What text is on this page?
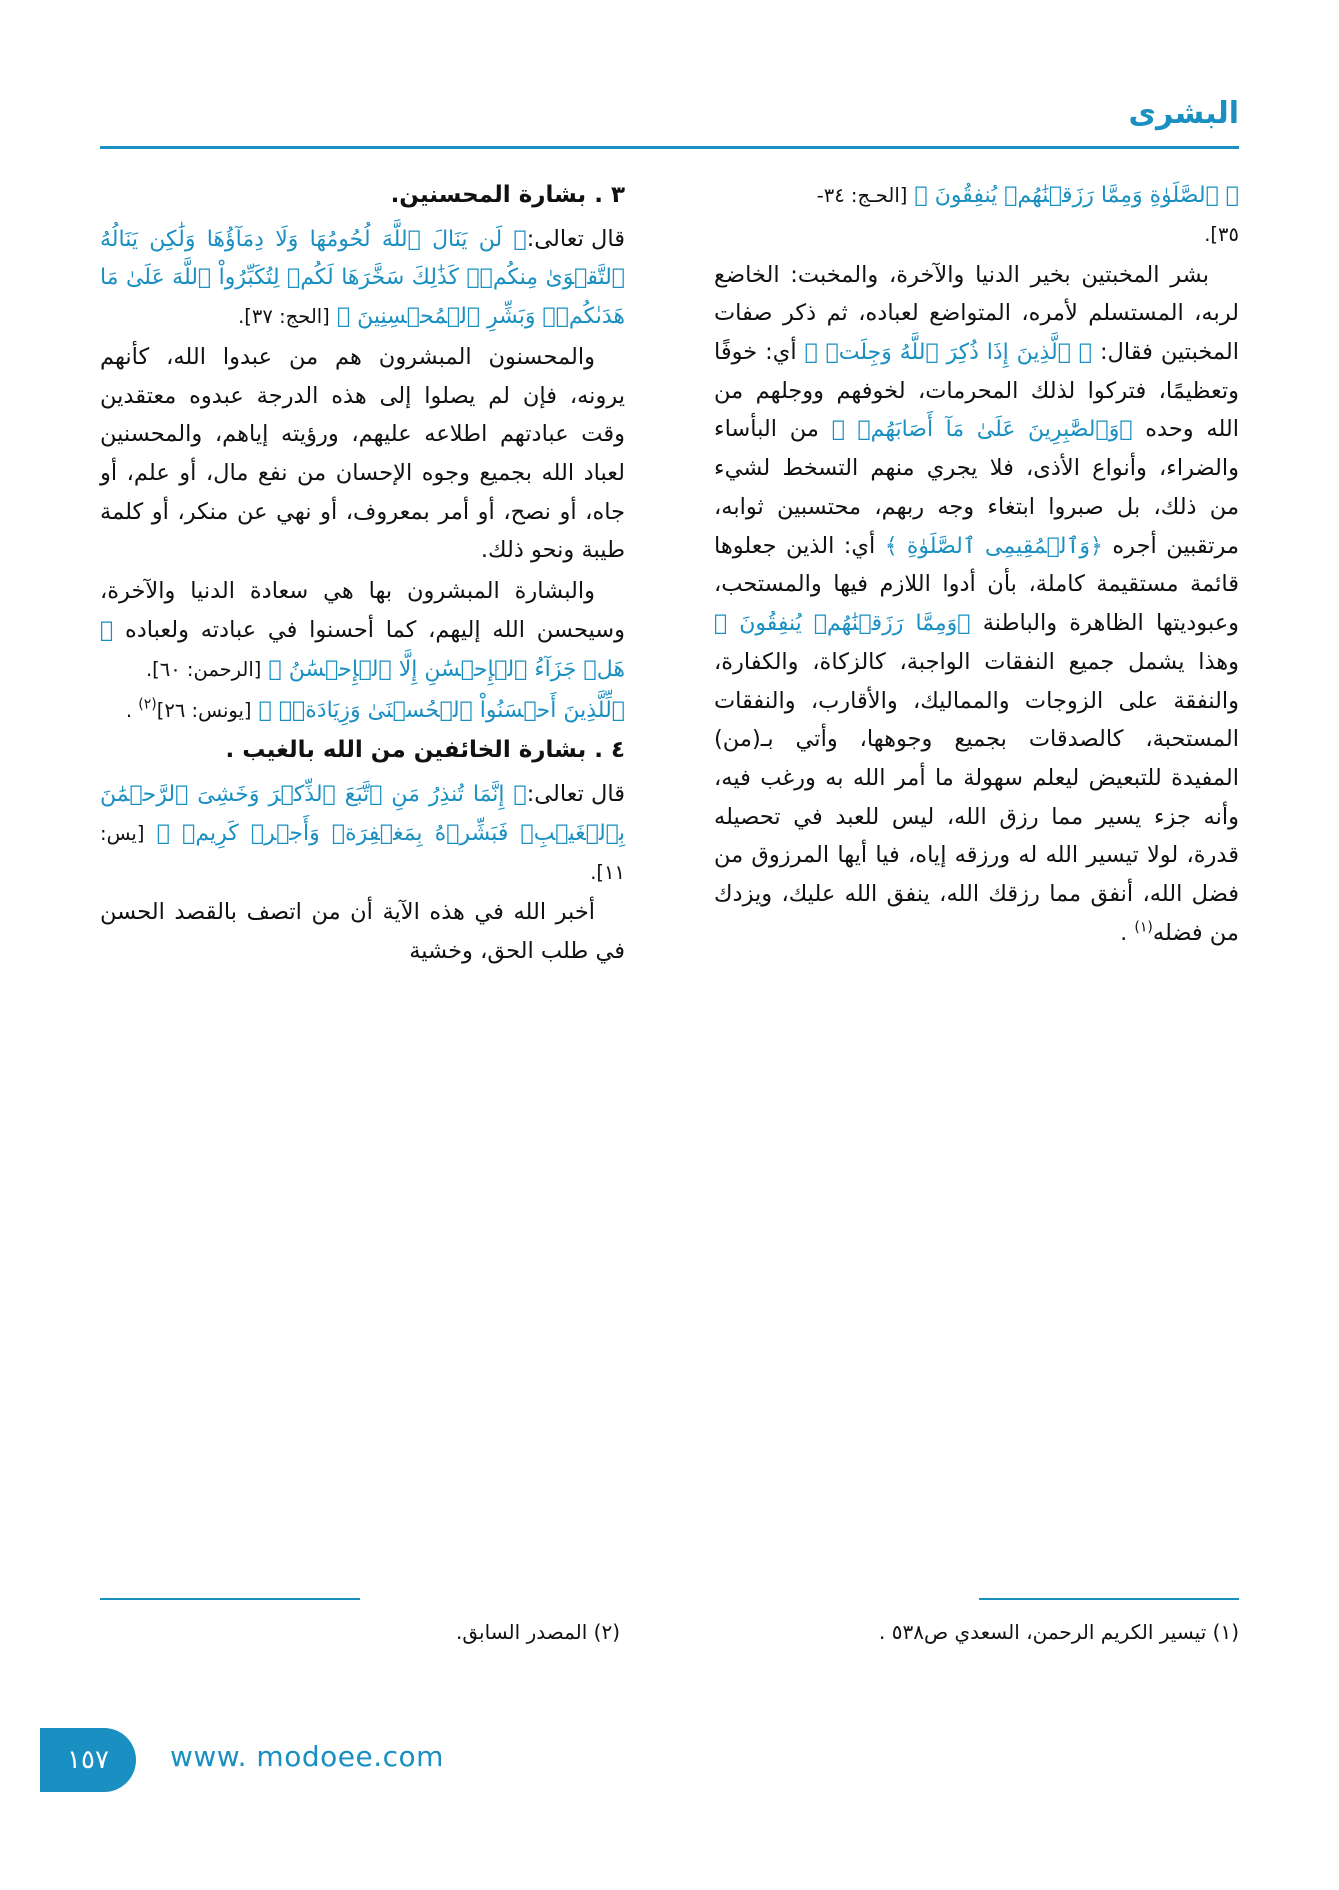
البشرى

﴾ ٱلصَّلَوٰةِ وَمِمَّا رَزَقۡنَٰهُمۡ يُنفِقُونَ ﴿ [الحـج: ٣٤-
٣٥].

بشر المخبتين بخير الدنيا والآخرة، والمخبت: الخاضع لربه، المستسلم لأمره، المتواضع لعباده، ثم ذكر صفات المخبتين فقال: ﴿ ٱلَّذِينَ إِذَا ذُكِرَ ٱللَّهُ وَجِلَتۡ ﴾ أي: خوفًا وتعظيمًا، فتركوا لذلك المحرمات، لخوفهم ووجلهم من الله وحده ﴿وَٱلصَّٰبِرِينَ عَلَىٰ مَآ أَصَابَهُمۡ ﴾ من البأساء والضراء، وأنواع الأذى، فلا يجري منهم التسخط لشيء من ذلك، بل صبروا ابتغاء وجه ربهم، محتسبين ثوابه، مرتقبين أجره ﴿وَٱلۡمُقِيمِى ٱلصَّلَوٰةِ ﴾ أي: الذين جعلوها قائمة مستقيمة كاملة، بأن أدوا اللازم فيها والمستحب، وعبوديتها الظاهرة والباطنة ﴿وَمِمَّا رَزَقۡنَٰهُمۡ يُنفِقُونَ ﴾ وهذا يشمل جميع النفقات الواجبة، كالزكاة، والكفارة، والنفقة على الزوجات والمماليك، والأقارب، والنفقات المستحبة، كالصدقات بجميع وجوهها، وأتي بـ(من) المفيدة للتبعيض ليعلم سهولة ما أمر الله به ورغب فيه، وأنه جزء يسير مما رزق الله، ليس للعبد في تحصيله قدرة، لولا تيسير الله له ورزقه إياه، فيا أيها المرزوق من فضل الله، أنفق مما رزقك الله، ينفق الله عليك، ويزدك من فضله$^{(١)}$ .

٣ . بشارة المحسنين.

قال تعالى:
﴿ لَن يَنَالَ ٱللَّهَ لُحُومُهَا وَلَا دِمَآؤُهَا وَلَٰكِن يَنَالُهُ ٱلتَّقۡوَىٰ مِنكُمۡۚ كَذَٰلِكَ سَخَّرَهَا لَكُمۡ لِتُكَبِّرُواْ ٱللَّهَ عَلَىٰ مَا هَدَىٰكُمۡۗ وَبَشِّرِ ٱلۡمُحۡسِنِينَ ﴾ [الحج: ٣٧].

والمحسنون المبشرون هم من عبدوا الله، كأنهم يرونه، فإن لم يصلوا إلى هذه الدرجة عبدوه معتقدين وقت عبادتهم اطلاعه عليهم، ورؤيته إياهم، والمحسنين لعباد الله بجميع وجوه الإحسان من نفع مال، أو علم، أو جاه، أو نصح، أو أمر بمعروف، أو نهي عن منكر، أو كلمة طيبة ونحو ذلك.

والبشارة المبشرون بها هي سعادة الدنيا والآخرة، وسيحسن الله إليهم، كما أحسنوا في عبادته ولعباده ﴿ هَلۡ جَزَآءُ ٱلۡإِحۡسَٰنِ إِلَّا ٱلۡإِحۡسَٰنُ ﴾ [الرحمن: ٦٠].

﴿لِّلَّذِينَ أَحۡسَنُواْ ٱلۡحُسۡنَىٰ وَزِيَادَةٞۖ ﴾ [يونس: ٢٦]$^{(٢)}$ .

٤ . بشارة الخائفين من الله بالغيب .

قال تعالى:
﴿ إِنَّمَا تُنذِرُ مَنِ ٱتَّبَعَ ٱلذِّكۡرَ وَخَشِىَ ٱلرَّحۡمَٰنَ بِٱلۡغَيۡبِۖ فَبَشِّرۡهُ بِمَغۡفِرَةٖ وَأَجۡرٖ كَرِيمٖ ﴾ [يس: ١١].

أخبر الله في هذه الآية أن من اتصف بالقصد الحسن في طلب الحق، وخشية

(١) تيسير الكريم الرحمن، السعدي ص٥٣٨ .
(٢) المصدر السابق.
١٥٧	www. modoee.com
